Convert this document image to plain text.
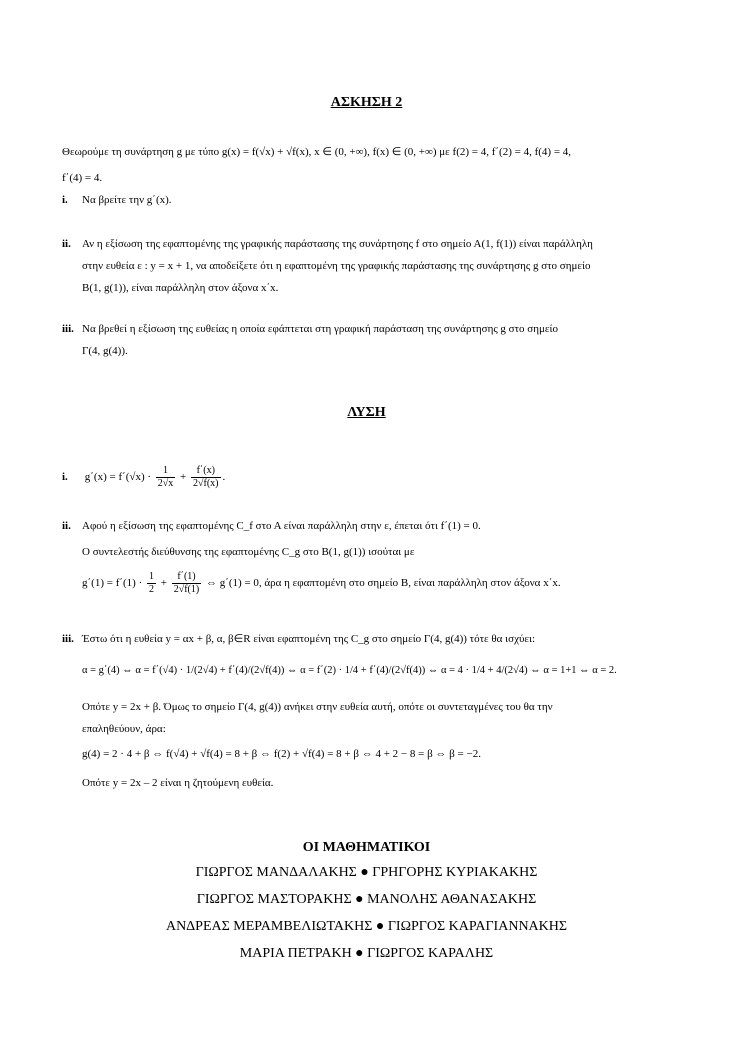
ΑΣΚΗΣΗ 2
Θεωρούμε τη συνάρτηση g με τύπο g(x) = f(√x) + √f(x), x ∈ (0, +∞), f(x) ∈ (0, +∞) με f(2) = 4, f΄(2) = 4, f(4) = 4,
f΄(4) = 4.
i. Να βρείτε την g΄(x).
ii. Αν η εξίσωση της εφαπτομένης της γραφικής παράστασης της συνάρτησης f στο σημείο Α(1, f(1)) είναι παράλληλη
στην ευθεία ε : y = x + 1, να αποδείξετε ότι η εφαπτομένη της γραφικής παράστασης της συνάρτησης g στο σημείο
Β(1, g(1)), είναι παράλληλη στον άξονα x΄x.
iii. Να βρεθεί η εξίσωση της ευθείας η οποία εφάπτεται στη γραφική παράσταση της συνάρτησης g στο σημείο
Γ(4, g(4)).
ΛΥΣΗ
i. $g΄(x) = f΄(√x) \cdot \frac{1}{2√x} + \frac{f΄(x)}{2√f(x)}$ .
ii. Αφού η εξίσωση της εφαπτομένης C_f στο Α είναι παράλληλη στην ε, έπεται ότι f΄(1) = 0.
Ο συντελεστής διεύθυνσης της εφαπτομένης C_g στο Β(1, g(1)) ισούται με
$g΄(1) = f΄(1) \cdot \frac{1}{2} + \frac{f΄(1)}{2√f(1)}$ ⇔ g΄(1) = 0, άρα η εφαπτομένη στο σημείο Β, είναι παράλληλη στον άξονα x΄x.
iii. Έστω ότι η ευθεία y = αx + β, α, β∈R είναι εφαπτομένη της C_g στο σημείο Γ(4, g(4)) τότε θα ισχύει:
α = g΄(4) ⇔ α = f΄(√4) · 1/(2√4) + f΄(4)/(2√f(4)) ⇔ α = f΄(2) · 1/4 + f΄(4)/(2√f(4)) ⇔ α = 4 · 1/4 + 4/(2√4) ⇔ α = 1+1 ⇔ α = 2.
Οπότε y = 2x + β. Όμως το σημείο Γ(4, g(4)) ανήκει στην ευθεία αυτή, οπότε οι συντεταγμένες του θα την
επαληθεύουν, άρα:
g(4) = 2 · 4 + β ⇔ f(√4) + √f(4) = 8 + β ⇔ f(2) + √f(4) = 8 + β ⇔ 4 + 2 − 8 = β ⇔ β = −2.
Οπότε y = 2x – 2 είναι η ζητούμενη ευθεία.
ΟΙ ΜΑΘΗΜΑΤΙΚΟΙ
ΓΙΩΡΓΟΣ ΜΑΝΔΑΛΑΚΗΣ ● ΓΡΗΓΟΡΗΣ ΚΥΡΙΑΚΑΚΗΣ
ΓΙΩΡΓΟΣ ΜΑΣΤΟΡΑΚΗΣ ● ΜΑΝΟΛΗΣ ΑΘΑΝΑΣΑΚΗΣ
ΑΝΔΡΕΑΣ ΜΕΡΑΜΒΕΛΙΩΤΑΚΗΣ ● ΓΙΩΡΓΟΣ ΚΑΡΑΓΙΑΝΝΑΚΗΣ
ΜΑΡΙΑ ΠΕΤΡΑΚΗ ● ΓΙΩΡΓΟΣ ΚΑΡΑΛΗΣ
